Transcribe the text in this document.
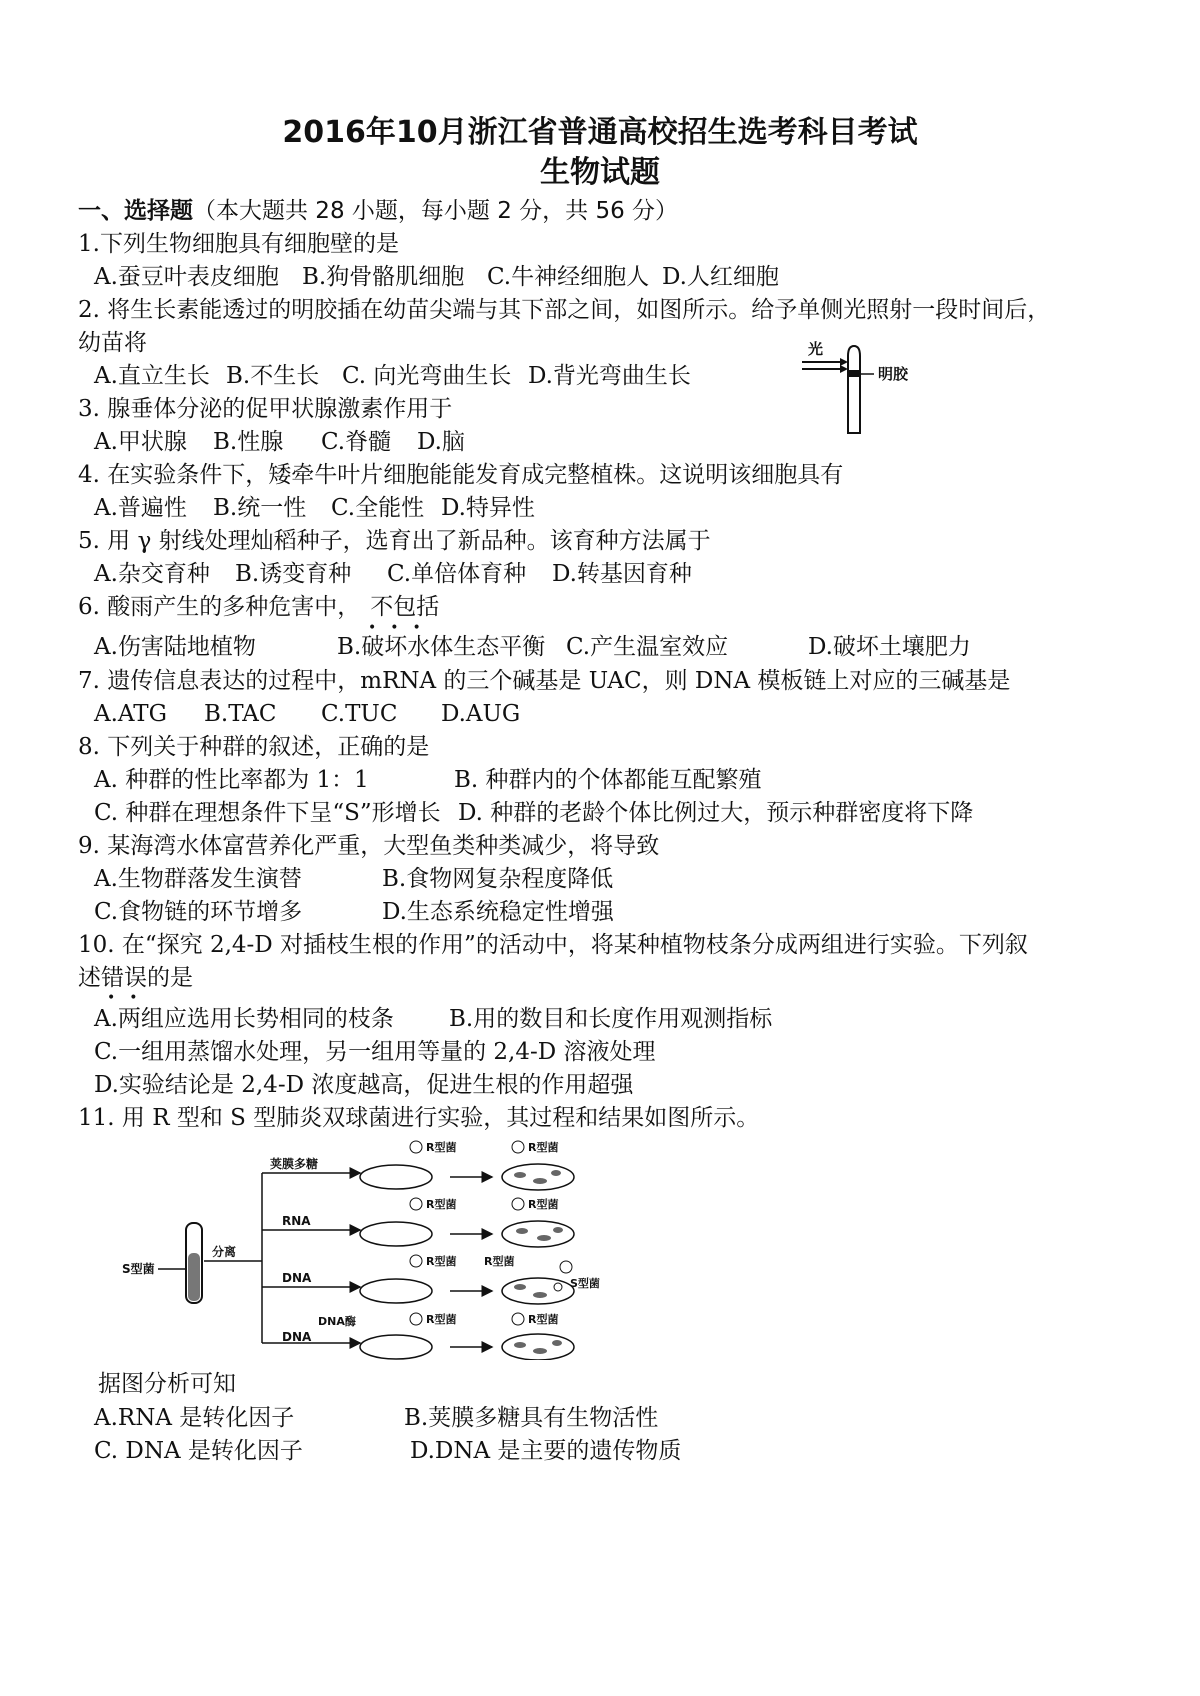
2016年10月浙江省普通高校招生选考科目考试
生物试题
一、选择题（本大题共 28 小题，每小题 2 分，共 56 分）
1.下列生物细胞具有细胞壁的是
A.蚕豆叶表皮细胞 B.狗骨骼肌细胞 C.牛神经细胞人 D.人红细胞
2. 将生长素能透过的明胶插在幼苗尖端与其下部之间，如图所示。给予单侧光照射一段时间后，
幼苗将
A.直立生长 B.不生长 C. 向光弯曲生长 D.背光弯曲生长
光
明胶
3. 腺垂体分泌的促甲状腺激素作用于
A.甲状腺 B.性腺 C.脊髓 D.脑
4. 在实验条件下，矮牵牛叶片细胞能能发育成完整植株。这说明该细胞具有
A.普遍性 B.统一性 C.全能性 D.特异性
5. 用 γ 射线处理灿稻种子，选育出了新品种。该育种方法属于
A.杂交育种 B.诱变育种 C.单倍体育种 D.转基因育种
6. 酸雨产生的多种危害中， 不包括
•••
A.伤害陆地植物	B.破坏水体生态平衡 C.产生温室效应	D.破坏土壤肥力
7. 遗传信息表达的过程中，mRNA 的三个碱基是 UAC，则 DNA 模板链上对应的三碱基是
A.ATG B.TAC C.TUC D.AUG
8. 下列关于种群的叙述，正确的是
A. 种群的性比率都为 1：1	B. 种群内的个体都能互配繁殖
C. 种群在理想条件下呈“S”形增长 D. 种群的老龄个体比例过大，预示种群密度将下降
9. 某海湾水体富营养化严重，大型鱼类种类减少，将导致
A.生物群落发生演替	B.食物网复杂程度降低
C.食物链的环节增多	D.生态系统稳定性增强
10. 在“探究 2,4-D 对插枝生根的作用”的活动中，将某种植物枝条分成两组进行实验。下列叙
述错误的是
••
A.两组应选用长势相同的枝条 B.用的数目和长度作用观测指标
C.一组用蒸馏水处理，另一组用等量的 2,4-D 溶液处理
D.实验结论是 2,4-D 浓度越高，促进生根的作用超强
11. 用 R 型和 S 型肺炎双球菌进行实验，其过程和结果如图所示。
S型菌
分离
荚膜多糖
RNA
DNA
DNA
DNA酶
R型菌
R型菌
R型菌
R型菌
R型菌
R型菌
R型菌
S型菌
R型菌
据图分析可知
A.RNA 是转化因子	B.荚膜多糖具有生物活性
C. DNA 是转化因子	D.DNA 是主要的遗传物质
